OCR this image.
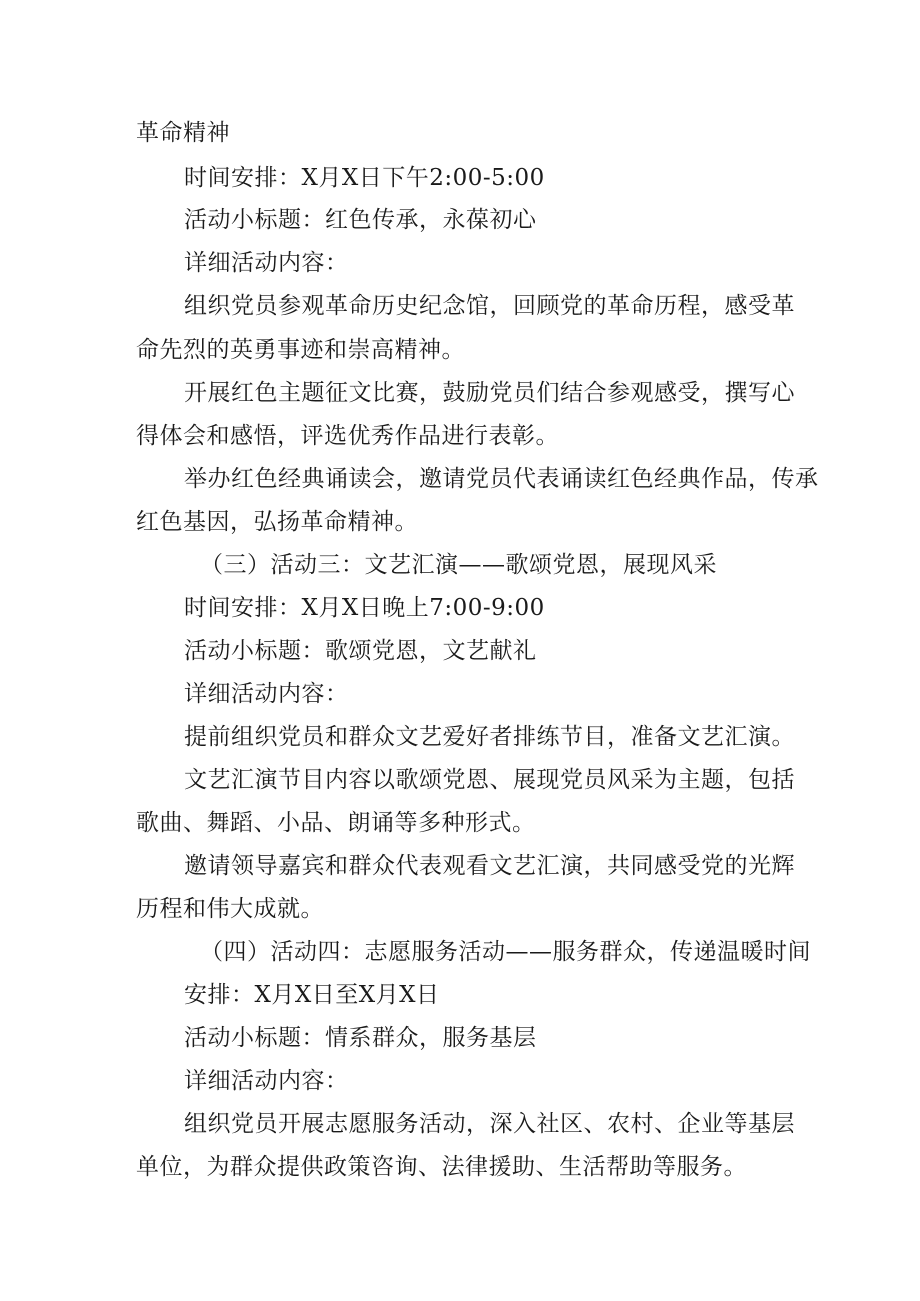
革命精神
时间安排：X月X日下午2:00-5:00
活动小标题：红色传承，永葆初心
详细活动内容：
组织党员参观革命历史纪念馆，回顾党的革命历程，感受革
命先烈的英勇事迹和崇高精神。
开展红色主题征文比赛，鼓励党员们结合参观感受，撰写心
得体会和感悟，评选优秀作品进行表彰。
举办红色经典诵读会，邀请党员代表诵读红色经典作品，传承
红色基因，弘扬革命精神。
（三）活动三：文艺汇演——歌颂党恩，展现风采
时间安排：X月X日晚上7:00-9:00
活动小标题：歌颂党恩，文艺献礼
详细活动内容：
提前组织党员和群众文艺爱好者排练节目，准备文艺汇演。
文艺汇演节目内容以歌颂党恩、展现党员风采为主题，包括
歌曲、舞蹈、小品、朗诵等多种形式。
邀请领导嘉宾和群众代表观看文艺汇演，共同感受党的光辉
历程和伟大成就。
（四）活动四：志愿服务活动——服务群众，传递温暖时间
安排：X月X日至X月X日
活动小标题：情系群众，服务基层
详细活动内容：
组织党员开展志愿服务活动，深入社区、农村、企业等基层
单位，为群众提供政策咨询、法律援助、生活帮助等服务。
